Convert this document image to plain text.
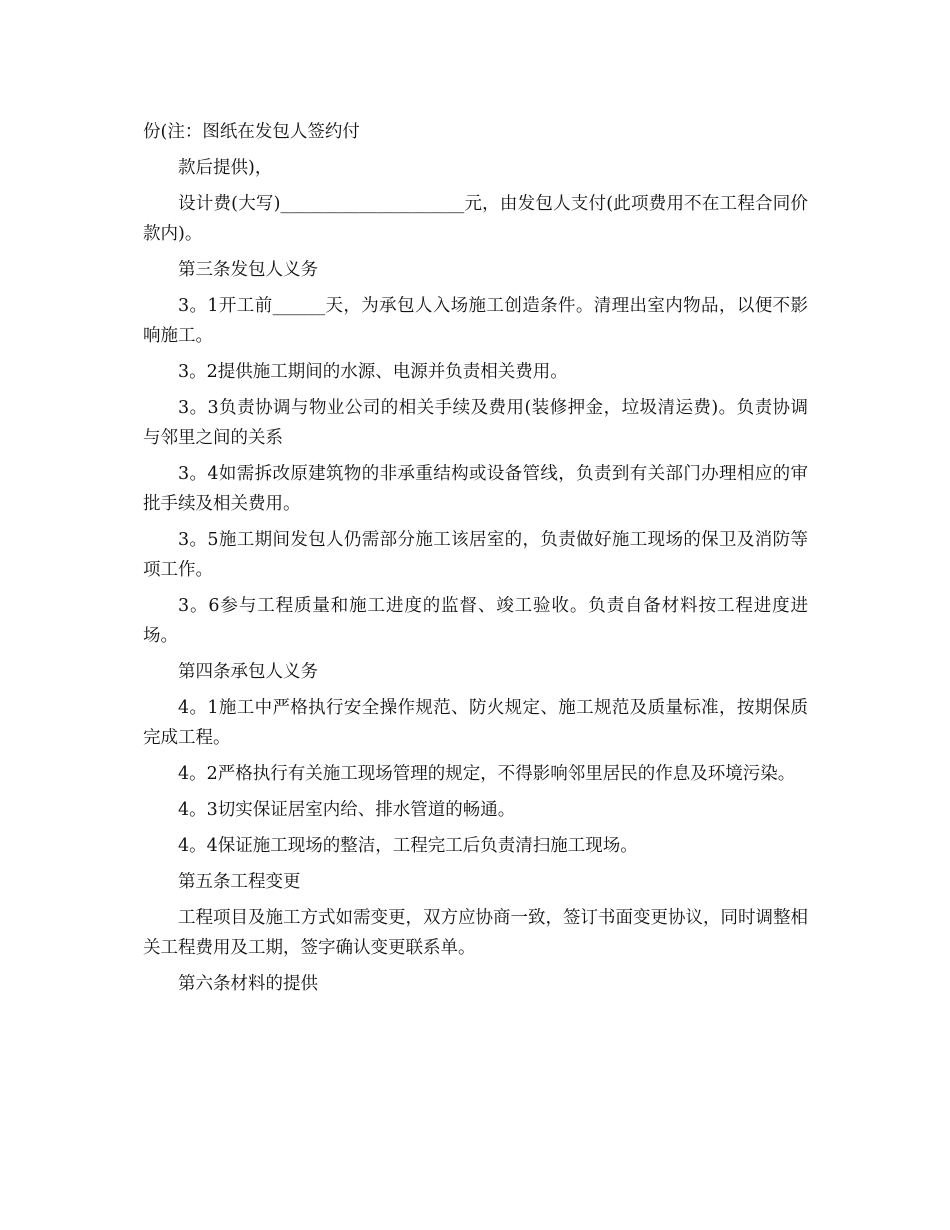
份(注：图纸在发包人签约付

款后提供)，

设计费(大写)_____________________元，由发包人支付(此项费用不在工程合同价款内)。

第三条发包人义务

3。1开工前______天，为承包人入场施工创造条件。清理出室内物品，以便不影响施工。

3。2提供施工期间的水源、电源并负责相关费用。

3。3负责协调与物业公司的相关手续及费用(装修押金，垃圾清运费)。负责协调与邻里之间的关系

3。4如需拆改原建筑物的非承重结构或设备管线，负责到有关部门办理相应的审批手续及相关费用。

3。5施工期间发包人仍需部分施工该居室的，负责做好施工现场的保卫及消防等项工作。

3。6参与工程质量和施工进度的监督、竣工验收。负责自备材料按工程进度进场。

第四条承包人义务

4。1施工中严格执行安全操作规范、防火规定、施工规范及质量标准，按期保质完成工程。

4。2严格执行有关施工现场管理的规定，不得影响邻里居民的作息及环境污染。

4。3切实保证居室内给、排水管道的畅通。

4。4保证施工现场的整洁，工程完工后负责清扫施工现场。

第五条工程变更

工程项目及施工方式如需变更，双方应协商一致，签订书面变更协议，同时调整相关工程费用及工期，签字确认变更联系单。

第六条材料的提供
